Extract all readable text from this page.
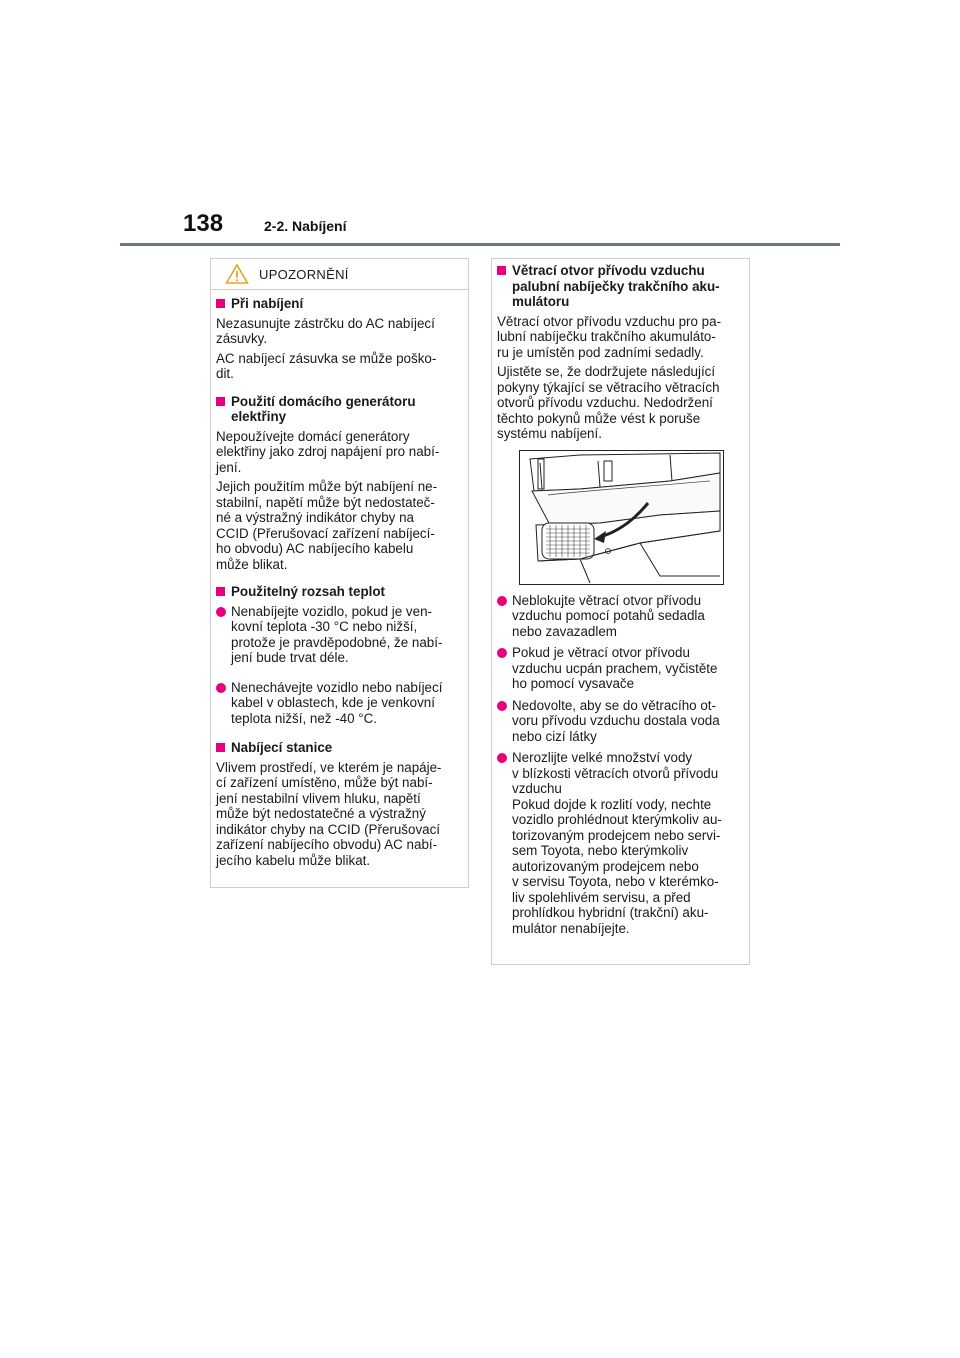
138	2-2. Nabíjení
UPOZORNĚNÍ
Při nabíjení
Nezasunujte zástrčku do AC nabíjecí
zásuvky.
AC nabíjecí zásuvka se může poško-
dit.
Použití domácího generátoru
elektřiny
Nepoužívejte domácí generátory
elektřiny jako zdroj napájení pro nabí-
jení.
Jejich použitím může být nabíjení ne-
stabilní, napětí může být nedostateč-
né a výstražný indikátor chyby na
CCID (Přerušovací zařízení nabíjecí-
ho obvodu) AC nabíjecího kabelu
může blikat.
Použitelný rozsah teplot
Nenabíjejte vozidlo, pokud je ven-
kovní teplota -30 °C nebo nižší,
protože je pravděpodobné, že nabí-
jení bude trvat déle.
Nenechávejte vozidlo nebo nabíjecí
kabel v oblastech, kde je venkovní
teplota nižší, než -40 °C.
Nabíjecí stanice
Vlivem prostředí, ve kterém je napáje-
cí zařízení umístěno, může být nabí-
jení nestabilní vlivem hluku, napětí
může být nedostatečné a výstražný
indikátor chyby na CCID (Přerušovací
zařízení nabíjecího obvodu) AC nabí-
jecího kabelu může blikat.
Větrací otvor přívodu vzduchu
palubní nabíječky trakčního aku-
mulátoru
Větrací otvor přívodu vzduchu pro pa-
lubní nabíječku trakčního akumuláto-
ru je umístěn pod zadními sedadly.
Ujistěte se, že dodržujete následující
pokyny týkající se větracího větracích
otvorů přívodu vzduchu. Nedodržení
těchto pokynů může vést k poruše
systému nabíjení.
Neblokujte větrací otvor přívodu
vzduchu pomocí potahů sedadla
nebo zavazadlem
Pokud je větrací otvor přívodu
vzduchu ucpán prachem, vyčistěte
ho pomocí vysavače
Nedovolte, aby se do větracího ot-
voru přívodu vzduchu dostala voda
nebo cizí látky
Nerozlijte velké množství vody
v blízkosti větracích otvorů přívodu
vzduchu
Pokud dojde k rozlití vody, nechte
vozidlo prohlédnout kterýmkoliv au-
torizovaným prodejcem nebo servi-
sem Toyota, nebo kterýmkoliv
autorizovaným prodejcem nebo
v servisu Toyota, nebo v kterémko-
liv spolehlivém servisu, a před
prohlídkou hybridní (trakční) aku-
mulátor nenabíjejte.
